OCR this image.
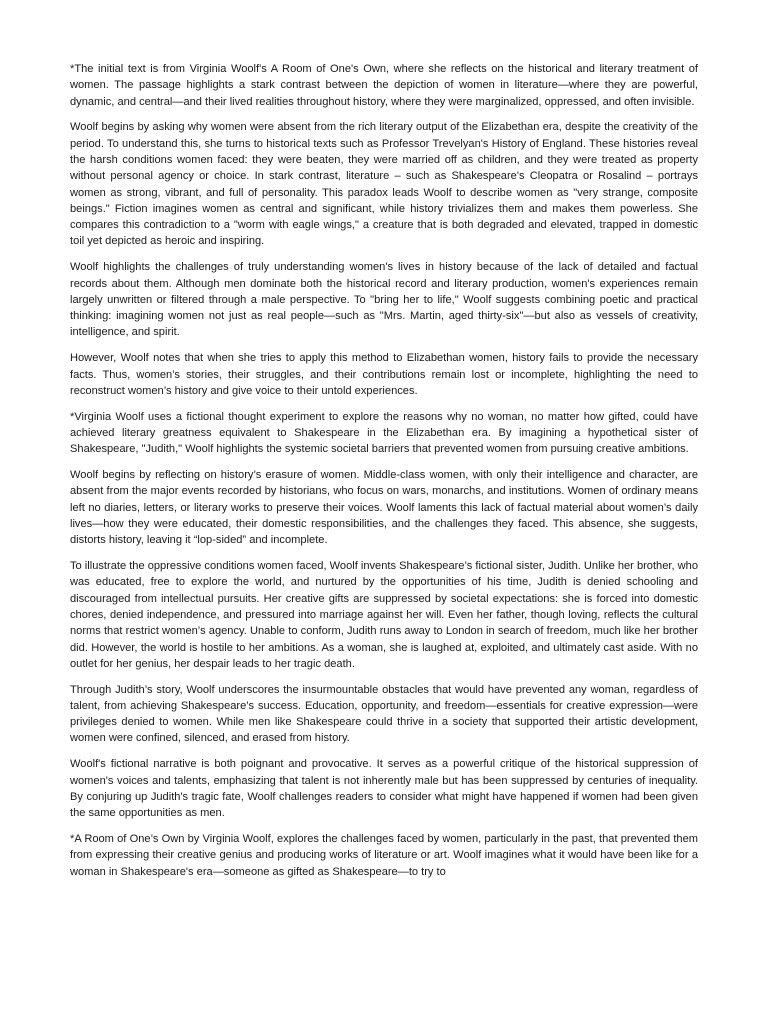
*The initial text is from Virginia Woolf's A Room of One's Own, where she reflects on the historical and literary treatment of women. The passage highlights a stark contrast between the depiction of women in literature—where they are powerful, dynamic, and central—and their lived realities throughout history, where they were marginalized, oppressed, and often invisible.

Woolf begins by asking why women were absent from the rich literary output of the Elizabethan era, despite the creativity of the period. To understand this, she turns to historical texts such as Professor Trevelyan's History of England. These histories reveal the harsh conditions women faced: they were beaten, they were married off as children, and they were treated as property without personal agency or choice. In stark contrast, literature – such as Shakespeare's Cleopatra or Rosalind – portrays women as strong, vibrant, and full of personality. This paradox leads Woolf to describe women as "very strange, composite beings." Fiction imagines women as central and significant, while history trivializes them and makes them powerless. She compares this contradiction to a "worm with eagle wings," a creature that is both degraded and elevated, trapped in domestic toil yet depicted as heroic and inspiring.

Woolf highlights the challenges of truly understanding women's lives in history because of the lack of detailed and factual records about them. Although men dominate both the historical record and literary production, women's experiences remain largely unwritten or filtered through a male perspective. To "bring her to life," Woolf suggests combining poetic and practical thinking: imagining women not just as real people—such as "Mrs. Martin, aged thirty-six"—but also as vessels of creativity, intelligence, and spirit.

However, Woolf notes that when she tries to apply this method to Elizabethan women, history fails to provide the necessary facts. Thus, women’s stories, their struggles, and their contributions remain lost or incomplete, highlighting the need to reconstruct women’s history and give voice to their untold experiences.

*Virginia Woolf uses a fictional thought experiment to explore the reasons why no woman, no matter how gifted, could have achieved literary greatness equivalent to Shakespeare in the Elizabethan era. By imagining a hypothetical sister of Shakespeare, "Judith," Woolf highlights the systemic societal barriers that prevented women from pursuing creative ambitions.

Woolf begins by reflecting on history’s erasure of women. Middle-class women, with only their intelligence and character, are absent from the major events recorded by historians, who focus on wars, monarchs, and institutions. Women of ordinary means left no diaries, letters, or literary works to preserve their voices. Woolf laments this lack of factual material about women’s daily lives—how they were educated, their domestic responsibilities, and the challenges they faced. This absence, she suggests, distorts history, leaving it “lop-sided” and incomplete.

To illustrate the oppressive conditions women faced, Woolf invents Shakespeare’s fictional sister, Judith. Unlike her brother, who was educated, free to explore the world, and nurtured by the opportunities of his time, Judith is denied schooling and discouraged from intellectual pursuits. Her creative gifts are suppressed by societal expectations: she is forced into domestic chores, denied independence, and pressured into marriage against her will. Even her father, though loving, reflects the cultural norms that restrict women’s agency. Unable to conform, Judith runs away to London in search of freedom, much like her brother did. However, the world is hostile to her ambitions. As a woman, she is laughed at, exploited, and ultimately cast aside. With no outlet for her genius, her despair leads to her tragic death.

Through Judith’s story, Woolf underscores the insurmountable obstacles that would have prevented any woman, regardless of talent, from achieving Shakespeare’s success. Education, opportunity, and freedom—essentials for creative expression—were privileges denied to women. While men like Shakespeare could thrive in a society that supported their artistic development, women were confined, silenced, and erased from history.

Woolf's fictional narrative is both poignant and provocative. It serves as a powerful critique of the historical suppression of women's voices and talents, emphasizing that talent is not inherently male but has been suppressed by centuries of inequality. By conjuring up Judith's tragic fate, Woolf challenges readers to consider what might have happened if women had been given the same opportunities as men.

*A Room of One’s Own by Virginia Woolf, explores the challenges faced by women, particularly in the past, that prevented them from expressing their creative genius and producing works of literature or art. Woolf imagines what it would have been like for a woman in Shakespeare's era—someone as gifted as Shakespeare—to try to
